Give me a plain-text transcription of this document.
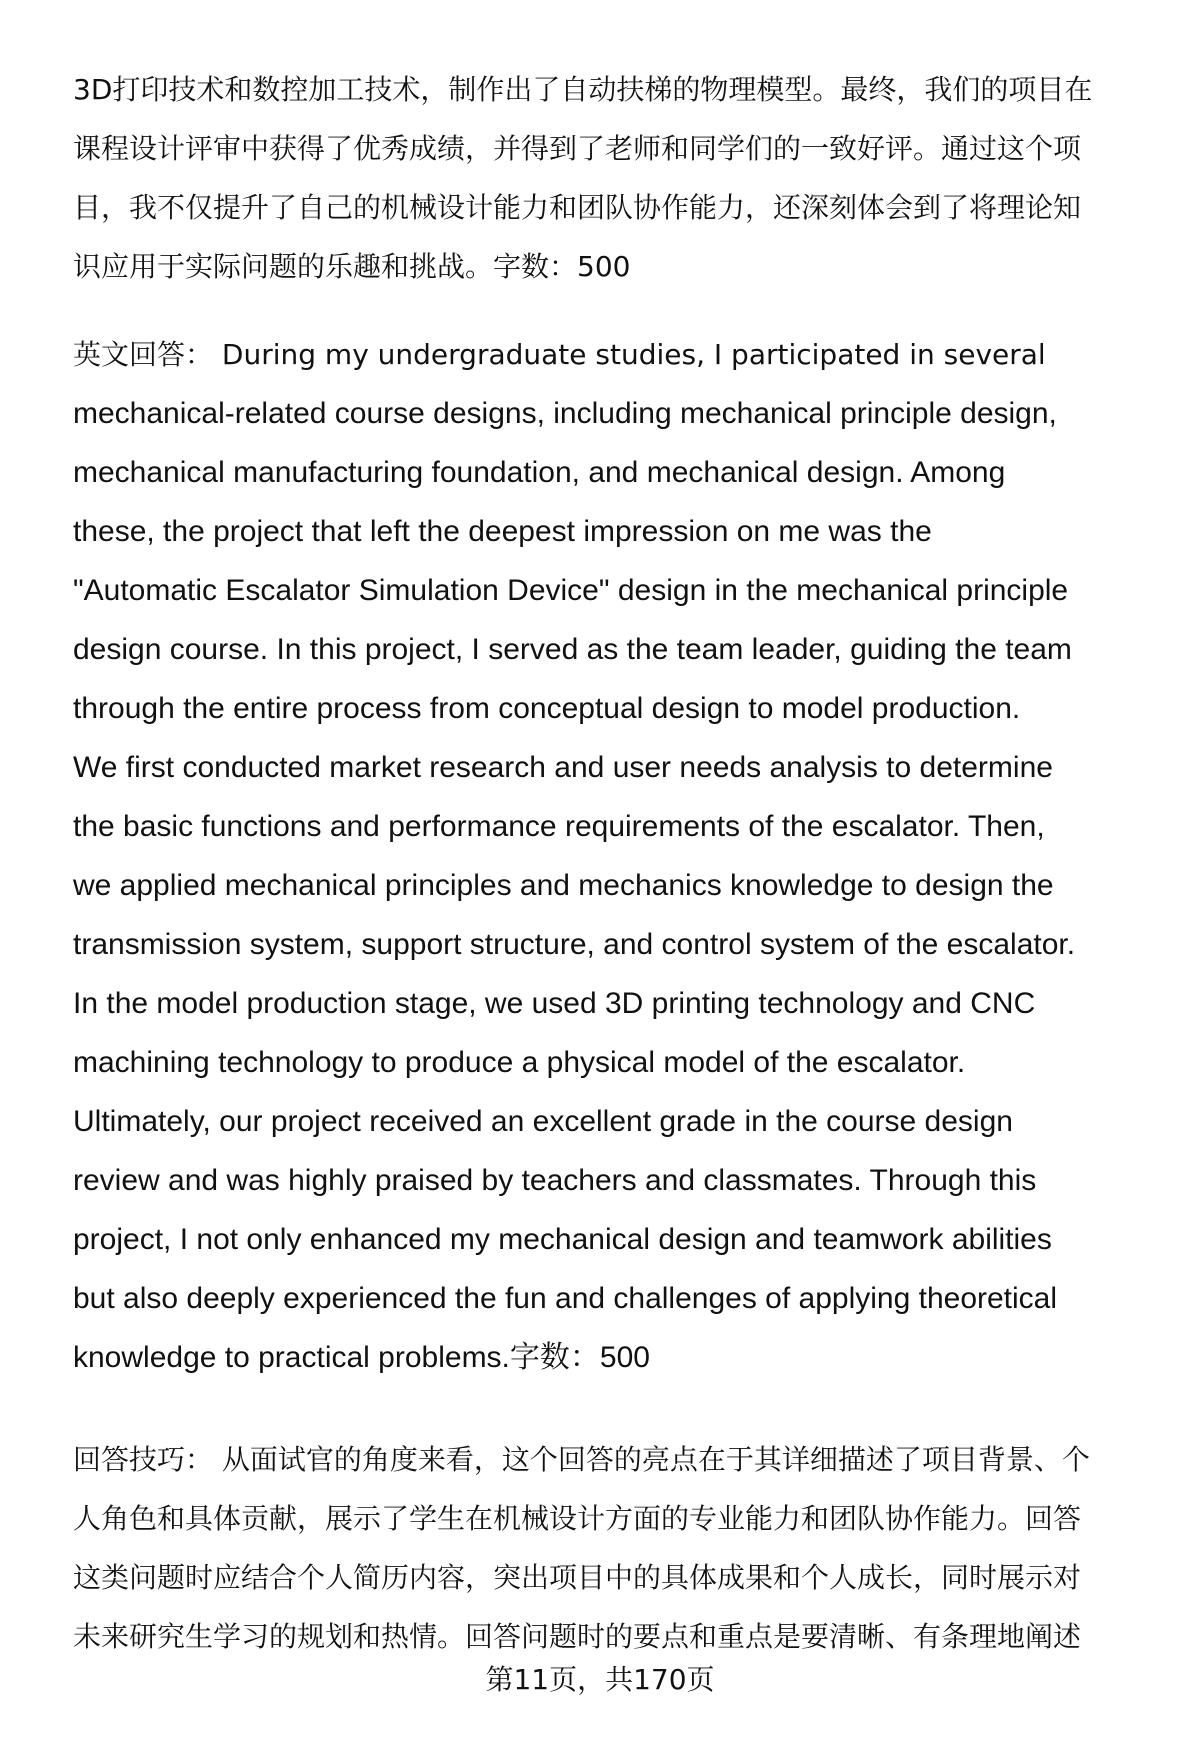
3D打印技术和数控加工技术，制作出了自动扶梯的物理模型。最终，我们的项目在
课程设计评审中获得了优秀成绩，并得到了老师和同学们的一致好评。通过这个项
目，我不仅提升了自己的机械设计能力和团队协作能力，还深刻体会到了将理论知
识应用于实际问题的乐趣和挑战。字数：500
英文回答： During my undergraduate studies, I participated in several
mechanical-related course designs, including mechanical principle design,
mechanical manufacturing foundation, and mechanical design. Among
these, the project that left the deepest impression on me was the
"Automatic Escalator Simulation Device" design in the mechanical principle
design course. In this project, I served as the team leader, guiding the team
through the entire process from conceptual design to model production.
We first conducted market research and user needs analysis to determine
the basic functions and performance requirements of the escalator. Then,
we applied mechanical principles and mechanics knowledge to design the
transmission system, support structure, and control system of the escalator.
In the model production stage, we used 3D printing technology and CNC
machining technology to produce a physical model of the escalator.
Ultimately, our project received an excellent grade in the course design
review and was highly praised by teachers and classmates. Through this
project, I not only enhanced my mechanical design and teamwork abilities
but also deeply experienced the fun and challenges of applying theoretical
knowledge to practical problems.字数：500
回答技巧： 从面试官的角度来看，这个回答的亮点在于其详细描述了项目背景、个
人角色和具体贡献，展示了学生在机械设计方面的专业能力和团队协作能力。回答
这类问题时应结合个人简历内容，突出项目中的具体成果和个人成长，同时展示对
未来研究生学习的规划和热情。回答问题时的要点和重点是要清晰、有条理地阐述
第11页，共170页
